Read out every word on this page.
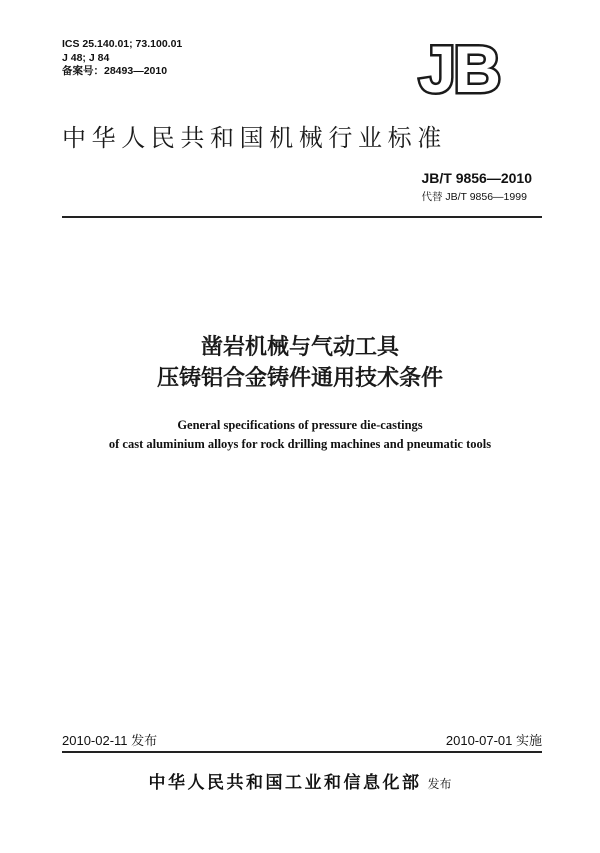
ICS 25.140.01; 73.100.01
J 48; J 84
备案号：28493—2010	JB
中华人民共和国机械行业标准
JB/T 9856—2010
代替 JB/T 9856—1999
凿岩机械与气动工具
压铸铝合金铸件通用技术条件
General specifications of pressure die-castings
of cast aluminium alloys for rock drilling machines and pneumatic tools
2010-02-11 发布	2010-07-01 实施
中华人民共和国工业和信息化部 发布
